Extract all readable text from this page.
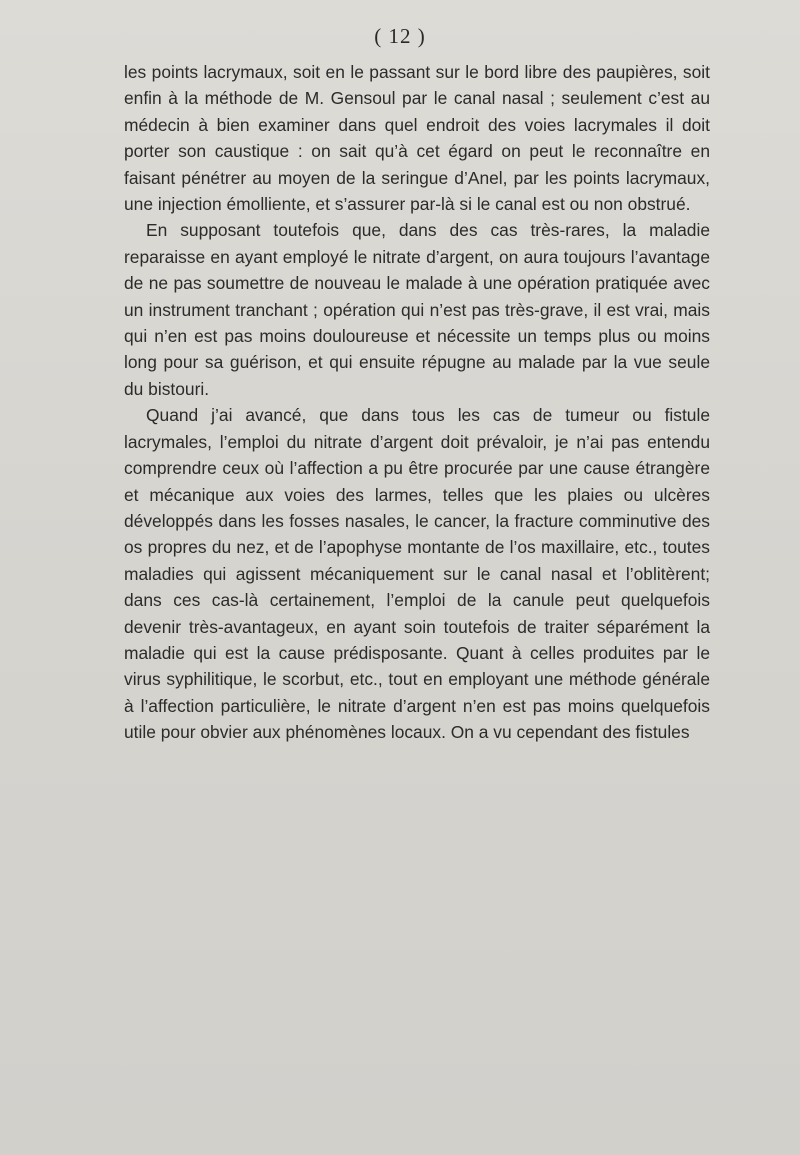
( 12 )

les points lacrymaux, soit en le passant sur le bord libre des paupières, soit enfin à la méthode de M. Gensoul par le canal nasal ; seulement c’est au médecin à bien examiner dans quel endroit des voies lacrymales il doit porter son caustique : on sait qu’à cet égard on peut le reconnaître en faisant pénétrer au moyen de la seringue d’Anel, par les points lacrymaux, une injection émolliente, et s’assurer par-là si le canal est ou non obstrué.

En supposant toutefois que, dans des cas très-rares, la maladie reparaisse en ayant employé le nitrate d’argent, on aura toujours l’avantage de ne pas soumettre de nouveau le malade à une opération pratiquée avec un instrument tranchant ; opération qui n’est pas très-grave, il est vrai, mais qui n’en est pas moins douloureuse et nécessite un temps plus ou moins long pour sa guérison, et qui ensuite répugne au malade par la vue seule du bistouri.

Quand j’ai avancé, que dans tous les cas de tumeur ou fistule lacrymales, l’emploi du nitrate d’argent doit prévaloir, je n’ai pas entendu comprendre ceux où l’affection a pu être procurée par une cause étrangère et mécanique aux voies des larmes, telles que les plaies ou ulcères développés dans les fosses nasales, le cancer, la fracture comminutive des os propres du nez, et de l’apophyse montante de l’os maxillaire, etc., toutes maladies qui agissent mécaniquement sur le canal nasal et l’oblitèrent; dans ces cas-là certainement, l’emploi de la canule peut quelquefois devenir très-avantageux, en ayant soin toutefois de traiter séparément la maladie qui est la cause prédisposante. Quant à celles produites par le virus syphilitique, le scorbut, etc., tout en employant une méthode générale à l’affection particulière, le nitrate d’argent n’en est pas moins quelquefois utile pour obvier aux phénomènes locaux. On a vu cependant des fistules
